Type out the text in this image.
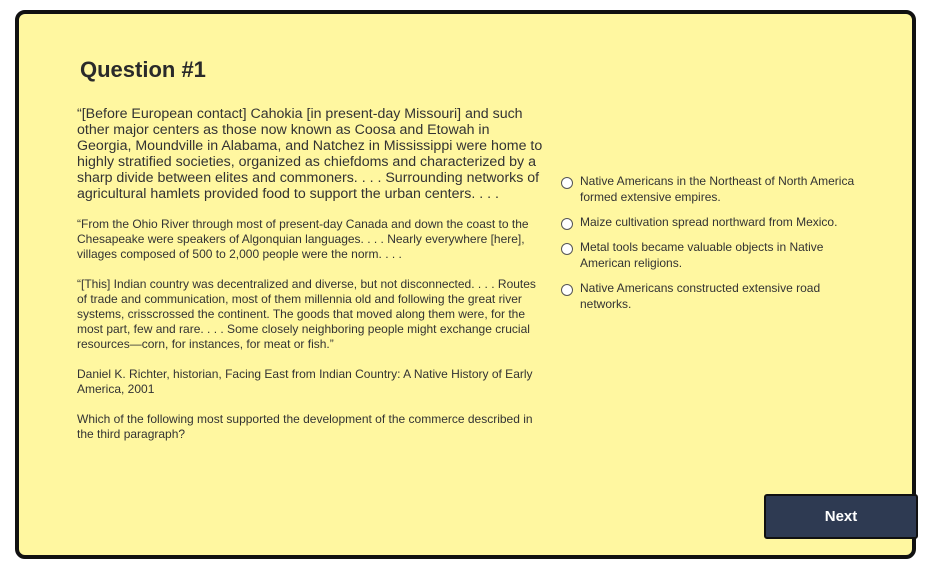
Question #1

“[Before European contact] Cahokia [in present-day Missouri] and such other major centers as those now known as Coosa and Etowah in Georgia, Moundville in Alabama, and Natchez in Mississippi were home to highly stratified societies, organized as chiefdoms and characterized by a sharp divide between elites and commoners. . . . Surrounding networks of agricultural hamlets provided food to support the urban centers. . . .

“From the Ohio River through most of present-day Canada and down the coast to the Chesapeake were speakers of Algonquian languages. . . . Nearly everywhere [here], villages composed of 500 to 2,000 people were the norm. . . .

“[This] Indian country was decentralized and diverse, but not disconnected. . . . Routes of trade and communication, most of them millennia old and following the great river systems, crisscrossed the continent. The goods that moved along them were, for the most part, few and rare. . . . Some closely neighboring people might exchange crucial resources—corn, for instances, for meat or fish.”

Daniel K. Richter, historian, Facing East from Indian Country: A Native History of Early America, 2001

Which of the following most supported the development of the commerce described in the third paragraph?

Native Americans in the Northeast of North America formed extensive empires.
Maize cultivation spread northward from Mexico.
Metal tools became valuable objects in Native American religions.
Native Americans constructed extensive road networks.
Next
